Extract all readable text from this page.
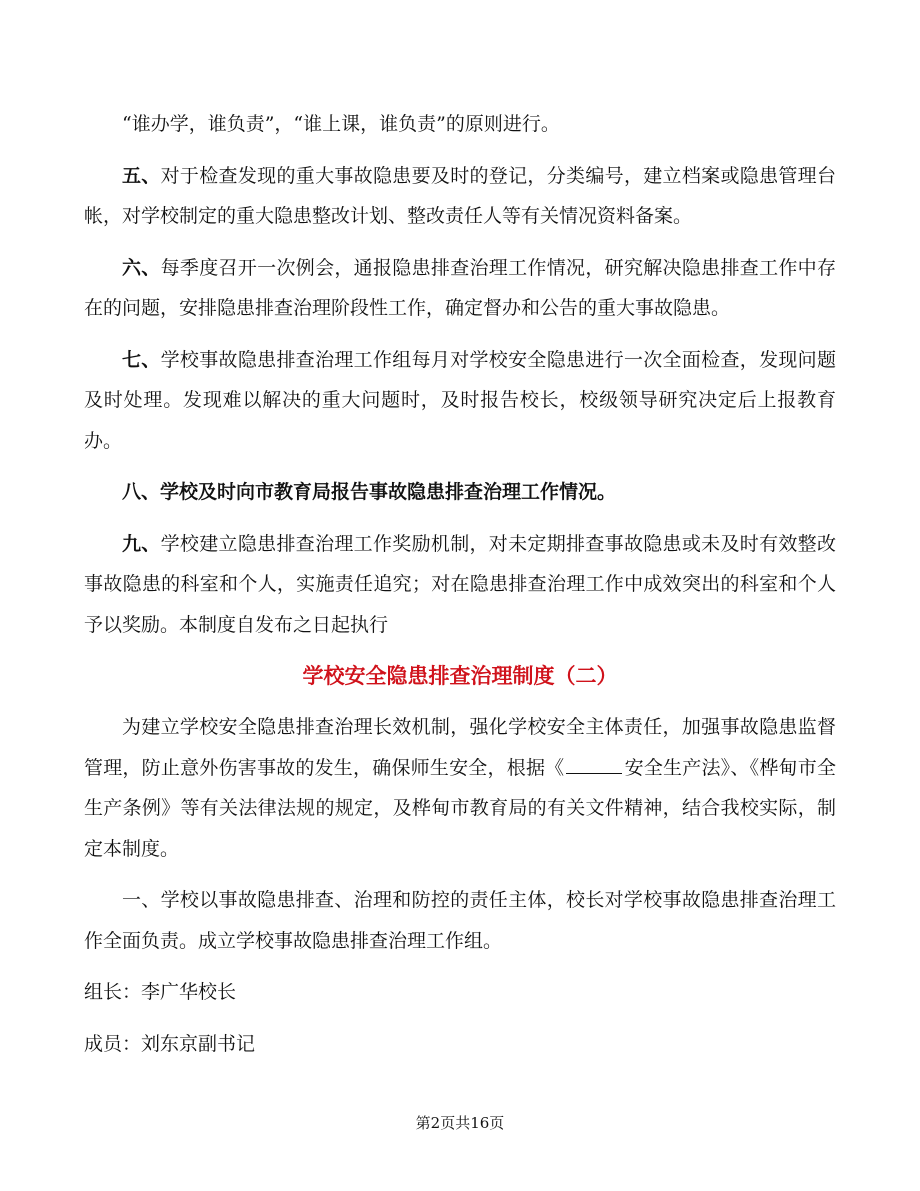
“谁办学，谁负责”，“谁上课，谁负责”的原则进行。

五、对于检查发现的重大事故隐患要及时的登记，分类编号，建立档案或隐患管理台帐，对学校制定的重大隐患整改计划、整改责任人等有关情况资料备案。

六、每季度召开一次例会，通报隐患排查治理工作情况，研究解决隐患排查工作中存在的问题，安排隐患排查治理阶段性工作，确定督办和公告的重大事故隐患。

七、学校事故隐患排查治理工作组每月对学校安全隐患进行一次全面检查，发现问题及时处理。发现难以解决的重大问题时，及时报告校长，校级领导研究决定后上报教育办。

八、学校及时向市教育局报告事故隐患排查治理工作情况。

九、学校建立隐患排查治理工作奖励机制，对未定期排查事故隐患或未及时有效整改事故隐患的科室和个人，实施责任追究；对在隐患排查治理工作中成效突出的科室和个人予以奖励。本制度自发布之日起执行

学校安全隐患排查治理制度（二）

为建立学校安全隐患排查治理长效机制，强化学校安全主体责任，加强事故隐患监督管理，防止意外伤害事故的发生，确保师生安全，根据《	安全生产法》、《桦甸市全生产条例》等有关法律法规的规定，及桦甸市教育局的有关文件精神，结合我校实际，制定本制度。

一、学校以事故隐患排查、治理和防控的责任主体，校长对学校事故隐患排查治理工作全面负责。成立学校事故隐患排查治理工作组。

组长：李广华校长

成员：刘东京副书记

第2页共16页
